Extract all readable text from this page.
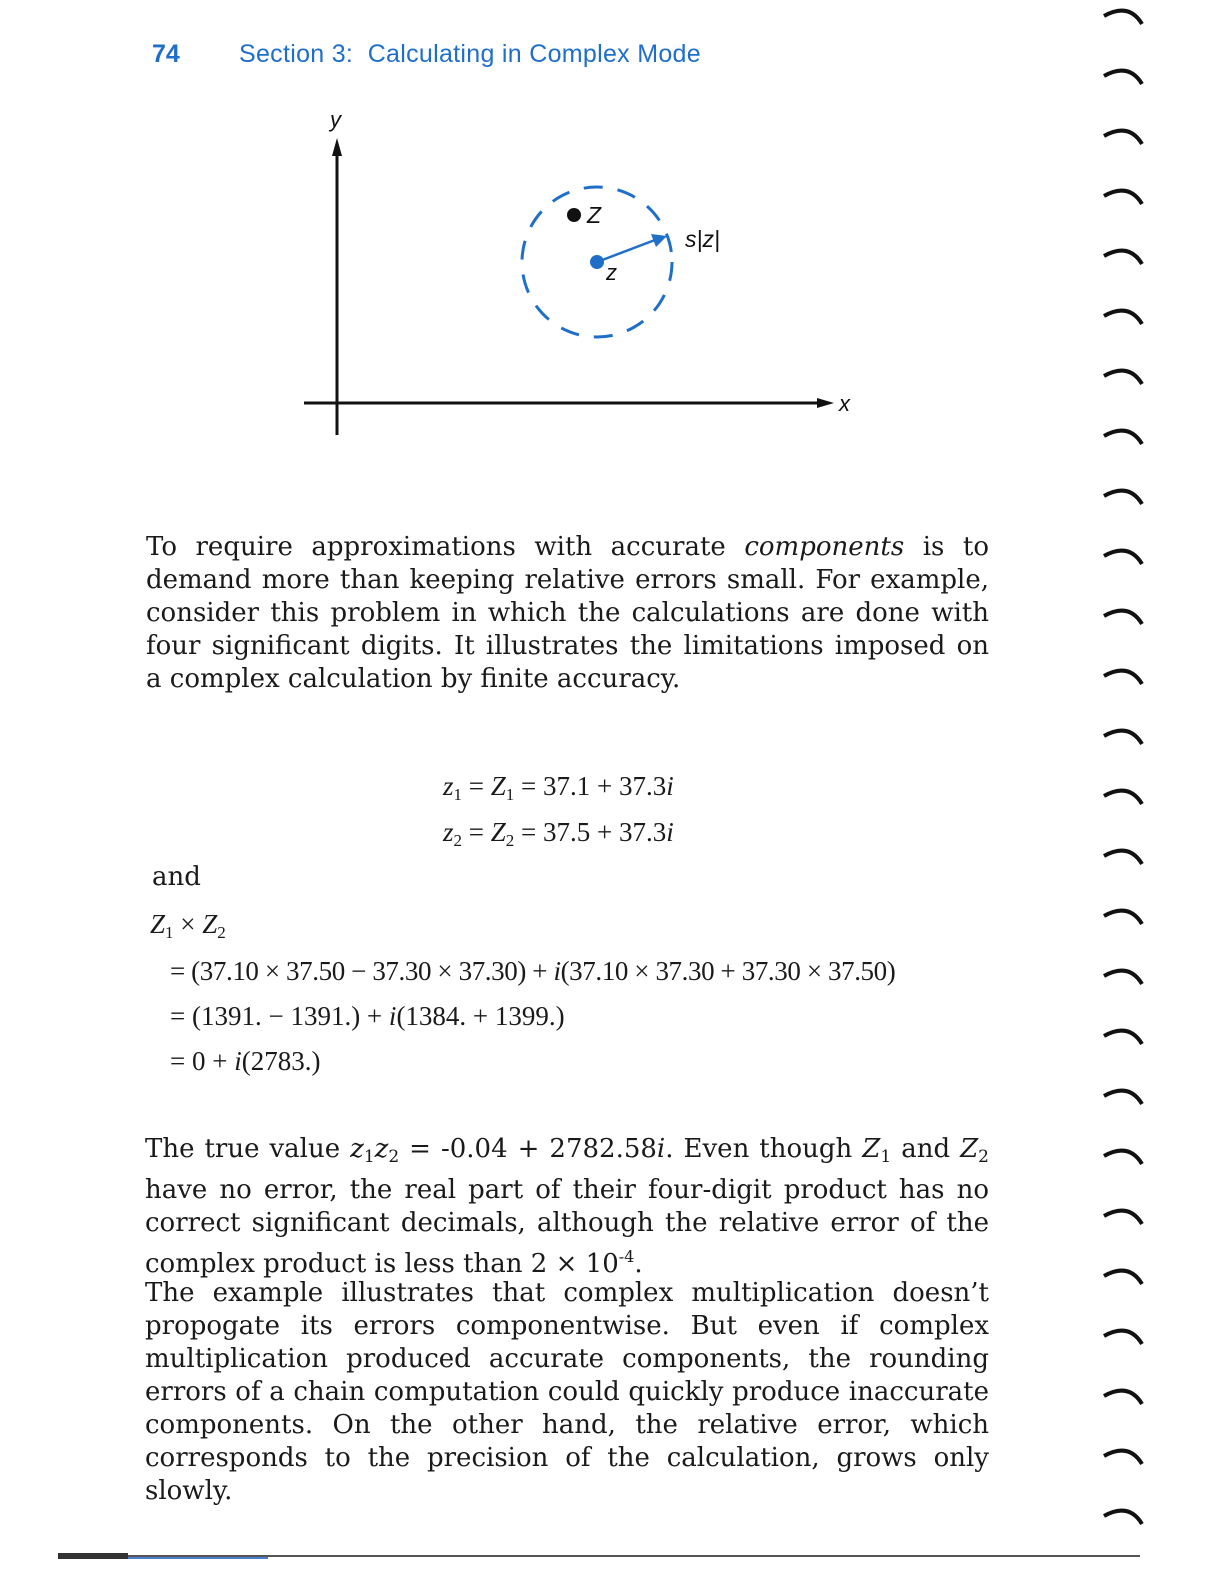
74 Section 3: Calculating in Complex Mode
y
x
Z
z
s|z|
To require approximations with accurate components is to demand more than keeping relative errors small. For example, consider this problem in which the calculations are done with four significant digits. It illustrates the limitations imposed on a complex calculation by finite accuracy.
$z_1 = Z_1 = 37.1 + 37.3i$
$z_2 = Z_2 = 37.5 + 37.3i$
and
$Z_1 \times Z_2$
= (37.10 × 37.50 − 37.30 × 37.30) + i(37.10 × 37.30 + 37.30 × 37.50)
= (1391. − 1391.) + i(1384. + 1399.)
= 0 + i(2783.)
The true value $z_1z_2 = -0.04 + 2782.58i$. Even though $Z_1$ and $Z_2$ have no error, the real part of their four-digit product has no correct significant decimals, although the relative error of the complex product is less than $2 \times 10^{-4}$.
The example illustrates that complex multiplication doesn’t propogate its errors componentwise. But even if complex multiplication produced accurate components, the rounding errors of a chain computation could quickly produce inaccurate components. On the other hand, the relative error, which corresponds to the precision of the calculation, grows only slowly.
